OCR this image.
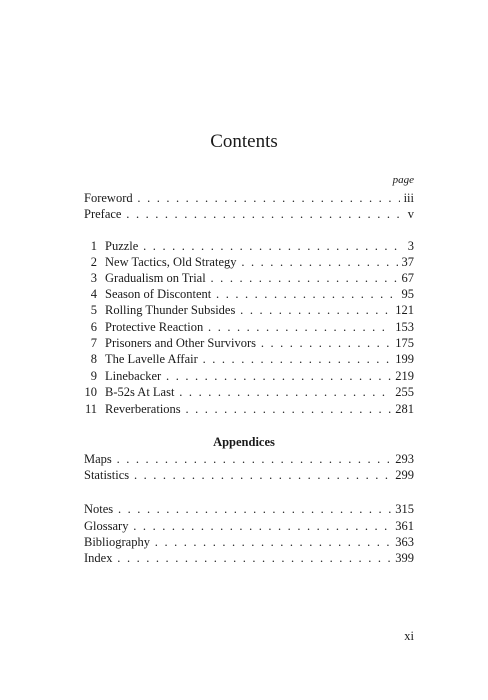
Contents
page
Foreword . . .	iii
Preface . . .	v
1 Puzzle . . .	3
2 New Tactics, Old Strategy . . .	37
3 Gradualism on Trial . . .	67
4 Season of Discontent . . .	95
5 Rolling Thunder Subsides . . .	121
6 Protective Reaction . . .	153
7 Prisoners and Other Survivors . . .	175
8 The Lavelle Affair . . .	199
9 Linebacker . . .	219
10 B-52s At Last . . .	255
11 Reverberations . . .	281
Appendices
Maps . . .	293
Statistics . . .	299
Notes . . .	315
Glossary . . .	361
Bibliography . . .	363
Index . . .	399
xi
